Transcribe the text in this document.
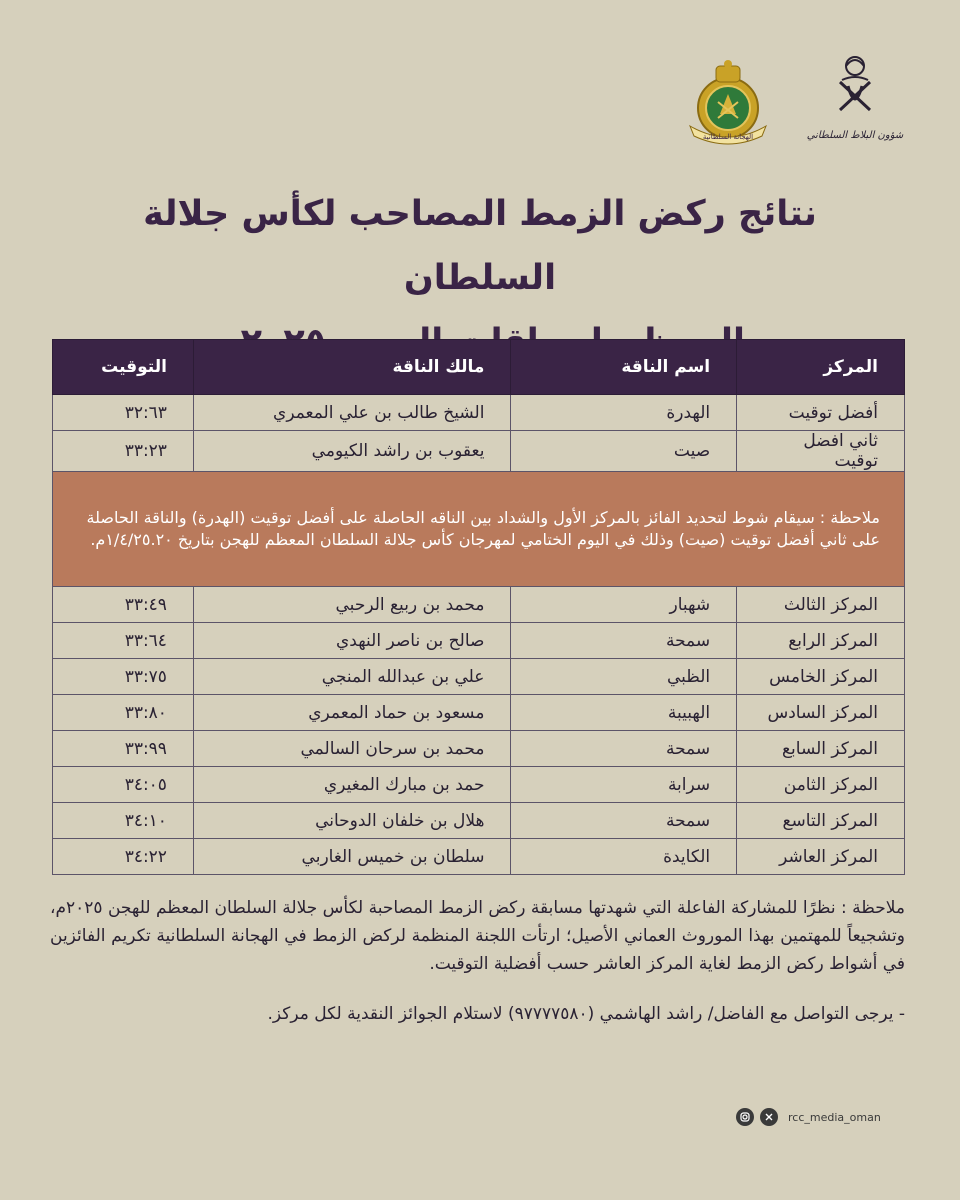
الهجانة السلطانية	شؤون البلاط السلطاني
نتائج ركض الزمط المصاحب لكأس جلالة السلطان

المركز	اسم الناقة	مالك الناقة	التوقيت
أفضل توقيت	الهدرة	الشيخ طالب بن علي المعمري	٣٢:٦٣
ثاني افضل توقيت	صيت	يعقوب بن راشد الكيومي	٣٣:٢٣
ملاحظة : سيقام شوط لتحديد الفائز بالمركز الأول والشداد بين الناقه الحاصلة على أفضل توقيت (الهدرة) والناقة الحاصلة على ثاني أفضل توقيت (صيت) وذلك في اليوم الختامي لمهرجان كأس جلالة السلطان المعظم للهجن بتاريخ ١/٤/٢٥.٢٠م.			
المركز الثالث	شهبار	محمد بن ربيع الرحبي	٣٣:٤٩
المركز الرابع	سمحة	صالح بن ناصر النهدي	٣٣:٦٤
المركز الخامس	الظبي	علي بن عبدالله المنجي	٣٣:٧٥
المركز السادس	الهبيبة	مسعود بن حماد المعمري	٣٣:٨٠
المركز السابع	سمحة	محمد بن سرحان السالمي	٣٣:٩٩
المركز الثامن	سرابة	حمد بن مبارك المغيري	٣٤:٠٥
المركز التاسع	سمحة	هلال بن خلفان الدوحاني	٣٤:١٠
المركز العاشر	الكايدة	سلطان بن خميس الغاربي	٣٤:٢٢

ملاحظة : نظرًا للمشاركة الفاعلة التي شهدتها مسابقة ركض الزمط المصاحبة لكأس جلالة السلطان المعظم للهجن ٢٠٢٥م، وتشجيعاً للمهتمين بهذا الموروث العماني الأصيل؛ ارتأت اللجنة المنظمة لركض الزمط في الهجانة السلطانية تكريم الفائزين في أشواط ركض الزمط لغاية المركز العاشر حسب أفضلية التوقيت.

- يرجى التواصل مع الفاضل/ راشد الهاشمي (٩٧٧٧٧٥٨٠) لاستلام الجوائز النقدية لكل مركز.

rcc_media_oman
